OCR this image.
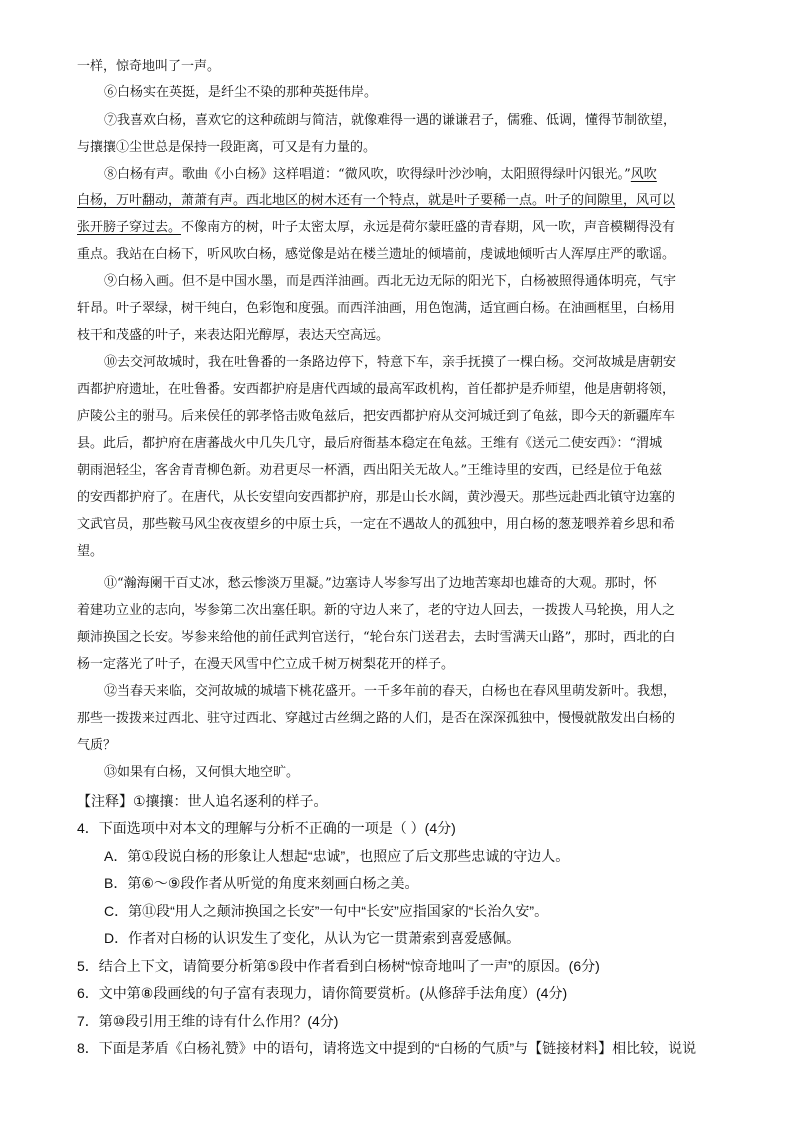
一样，惊奇地叫了一声。
⑥白杨实在英挺，是纤尘不染的那种英挺伟岸。
⑦我喜欢白杨，喜欢它的这种疏朗与简洁，就像难得一遇的谦谦君子，儒雅、低调，懂得节制欲望，
与攘攘①尘世总是保持一段距离，可又是有力量的。
⑧白杨有声。歌曲《小白杨》这样唱道：“微风吹，吹得绿叶沙沙响，太阳照得绿叶闪银光。”风吹
白杨，万叶翻动，萧萧有声。西北地区的树木还有一个特点，就是叶子要稀一点。叶子的间隙里，风可以
张开膀子穿过去。不像南方的树，叶子太密太厚，永远是荷尔蒙旺盛的青春期，风一吹，声音模糊得没有
重点。我站在白杨下，听风吹白杨，感觉像是站在楼兰遗址的倾墙前，虔诚地倾听古人浑厚庄严的歌谣。
⑨白杨入画。但不是中国水墨，而是西洋油画。西北无边无际的阳光下，白杨被照得通体明亮，气宇
轩昂。叶子翠绿，树干纯白，色彩饱和度强。而西洋油画，用色饱满，适宜画白杨。在油画框里，白杨用
枝干和茂盛的叶子，来表达阳光醇厚，表达天空高远。
⑩去交河故城时，我在吐鲁番的一条路边停下，特意下车，亲手抚摸了一棵白杨。交河故城是唐朝安
西都护府遗址，在吐鲁番。安西都护府是唐代西域的最高军政机构，首任都护是乔师望，他是唐朝将领，
庐陵公主的驸马。后来侯任的郭孝恪击败龟兹后，把安西都护府从交河城迁到了龟兹，即今天的新疆库车
县。此后，都护府在唐蕃战火中几失几守，最后府衙基本稳定在龟兹。王维有《送元二使安西》：“渭城
朝雨浥轻尘，客舍青青柳色新。劝君更尽一杯酒，西出阳关无故人。”王维诗里的安西，已经是位于龟兹
的安西都护府了。在唐代，从长安望向安西都护府，那是山长水阔，黄沙漫天。那些远赴西北镇守边塞的
文武官员，那些鞍马风尘夜夜望乡的中原士兵，一定在不遇故人的孤独中，用白杨的葱茏喂养着乡思和希
望。
⑪“瀚海阑干百丈冰，愁云惨淡万里凝。”边塞诗人岑参写出了边地苦寒却也雄奇的大观。那时，怀
着建功立业的志向，岑参第二次出塞任职。新的守边人来了，老的守边人回去，一拨拨人马轮换，用人之
颠沛换国之长安。岑参来给他的前任武判官送行，“轮台东门送君去，去时雪满天山路”，那时，西北的白
杨一定落光了叶子，在漫天风雪中伫立成千树万树梨花开的样子。
⑫当春天来临，交河故城的城墙下桃花盛开。一千多年前的春天，白杨也在春风里萌发新叶。我想，
那些一拨拨来过西北、驻守过西北、穿越过古丝绸之路的人们，是否在深深孤独中，慢慢就散发出白杨的
气质？
⑬如果有白杨，又何惧大地空旷。
【注释】①攘攘：世人追名逐利的样子。
4．下面选项中对本文的理解与分析不正确的一项是（ ）(4分)
A．第①段说白杨的形象让人想起“忠诚”，也照应了后文那些忠诚的守边人。
B．第⑥～⑨段作者从听觉的角度来刻画白杨之美。
C．第⑪段“用人之颠沛换国之长安”一句中“长安”应指国家的“长治久安”。
D．作者对白杨的认识发生了变化，从认为它一贯萧索到喜爱感佩。
5．结合上下文，请简要分析第⑤段中作者看到白杨树“惊奇地叫了一声”的原因。(6分)
6．文中第⑧段画线的句子富有表现力，请你简要赏析。(从修辞手法角度）(4分)
7．第⑩段引用王维的诗有什么作用？(4分)
8．下面是茅盾《白杨礼赞》中的语句，请将选文中提到的“白杨的气质”与【链接材料】相比较，说说
